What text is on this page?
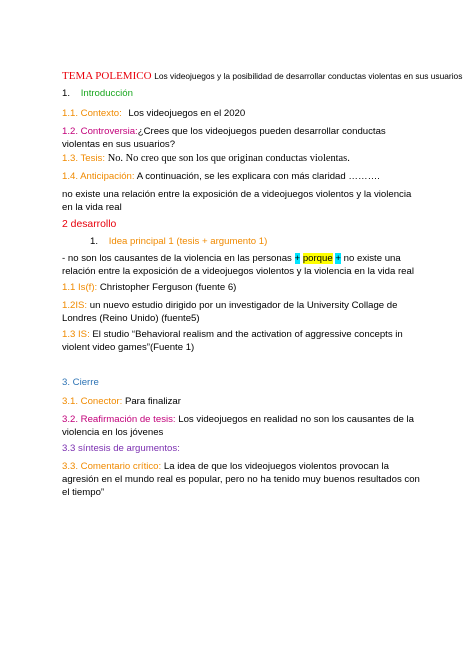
TEMA POLEMICO Los videojuegos y la posibilidad de desarrollar conductas violentas en sus usuarios
1. Introducción
1.1. Contexto: Los videojuegos en el 2020
1.2. Controversia:¿Crees que los videojuegos pueden desarrollar conductas violentas en sus usuarios?
1.3. Tesis: No. No creo que son los que originan conductas violentas.
1.4. Anticipación: A continuación, se les explicara con más claridad ……….
no existe una relación entre la exposición de a videojuegos violentos y la violencia en la vida real
2 desarrollo
1. Idea principal 1 (tesis + argumento 1)
- no son los causantes de la violencia en las personas + porque + no existe una relación entre la exposición de a videojuegos violentos y la violencia en la vida real
1.1 Is(f): Christopher Ferguson (fuente 6)
1.2IS: un nuevo estudio dirigido por un investigador de la University Collage de Londres (Reino Unido) (fuente5)
1.3 IS: El studio “Behavioral realism and the activation of aggressive concepts in violent video games”(Fuente 1)
3. Cierre
3.1. Conector: Para finalizar
3.2. Reafirmación de tesis: Los videojuegos en realidad no son los causantes de la violencia en los jóvenes
3.3 síntesis de argumentos:
3.3. Comentario crítico: La idea de que los videojuegos violentos provocan la agresión en el mundo real es popular, pero no ha tenido muy buenos resultados con el tiempo”
